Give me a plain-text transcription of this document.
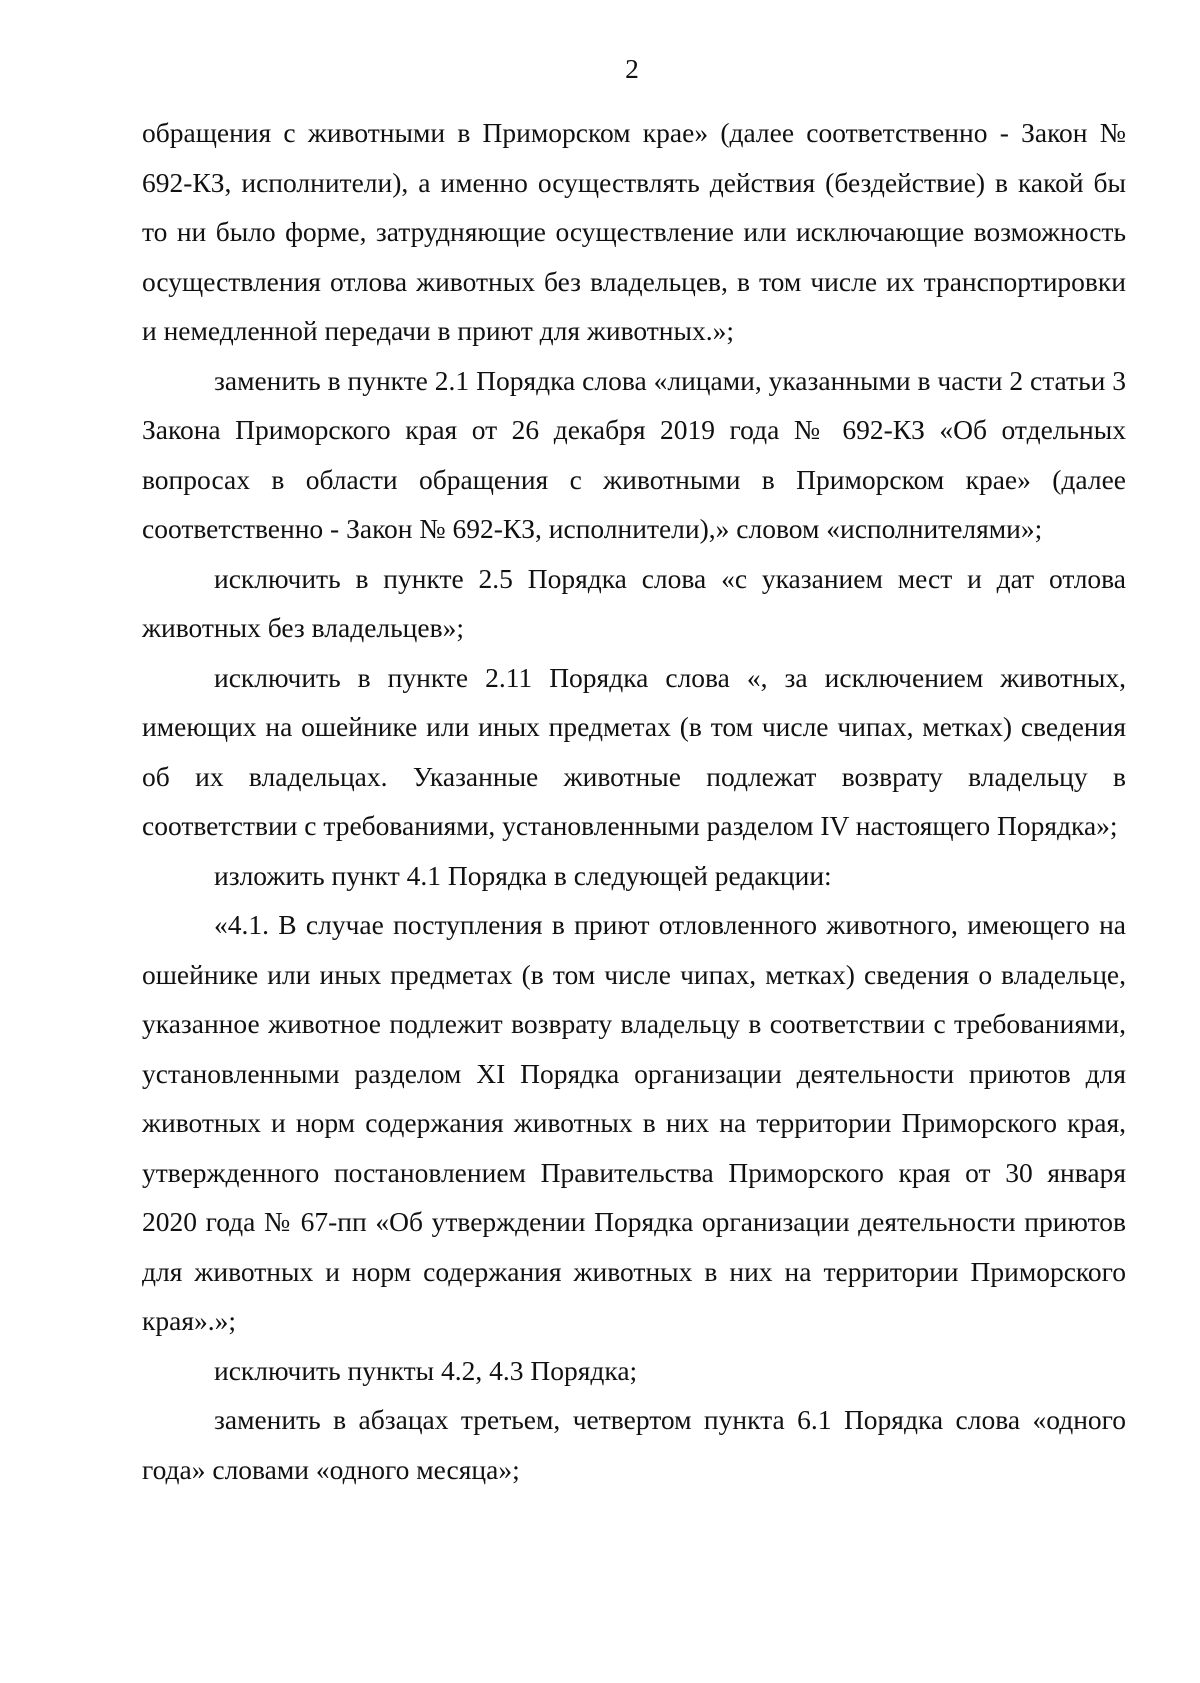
2

обращения с животными в Приморском крае» (далее соответственно - Закон № 692-КЗ, исполнители), а именно осуществлять действия (бездействие) в какой бы то ни было форме, затрудняющие осуществление или исключающие возможность осуществления отлова животных без владельцев, в том числе их транспортировки и немедленной передачи в приют для животных.»;

заменить в пункте 2.1 Порядка слова «лицами, указанными в части 2 статьи 3 Закона Приморского края от 26 декабря 2019 года № 692-КЗ «Об отдельных вопросах в области обращения с животными в Приморском крае» (далее соответственно - Закон № 692-КЗ, исполнители),» словом «исполнителями»;

исключить в пункте 2.5 Порядка слова «с указанием мест и дат отлова животных без владельцев»;

исключить в пункте 2.11 Порядка слова «, за исключением животных, имеющих на ошейнике или иных предметах (в том числе чипах, метках) сведения об их владельцах. Указанные животные подлежат возврату владельцу в соответствии с требованиями, установленными разделом IV настоящего Порядка»;

изложить пункт 4.1 Порядка в следующей редакции:

«4.1. В случае поступления в приют отловленного животного, имеющего на ошейнике или иных предметах (в том числе чипах, метках) сведения о владельце, указанное животное подлежит возврату владельцу в соответствии с требованиями, установленными разделом XI Порядка организации деятельности приютов для животных и норм содержания животных в них на территории Приморского края, утвержденного постановлением Правительства Приморского края от 30 января 2020 года № 67-пп «Об утверждении Порядка организации деятельности приютов для животных и норм содержания животных в них на территории Приморского края».»;

исключить пункты 4.2, 4.3 Порядка;

заменить в абзацах третьем, четвертом пункта 6.1 Порядка слова «одного года» словами «одного месяца»;
